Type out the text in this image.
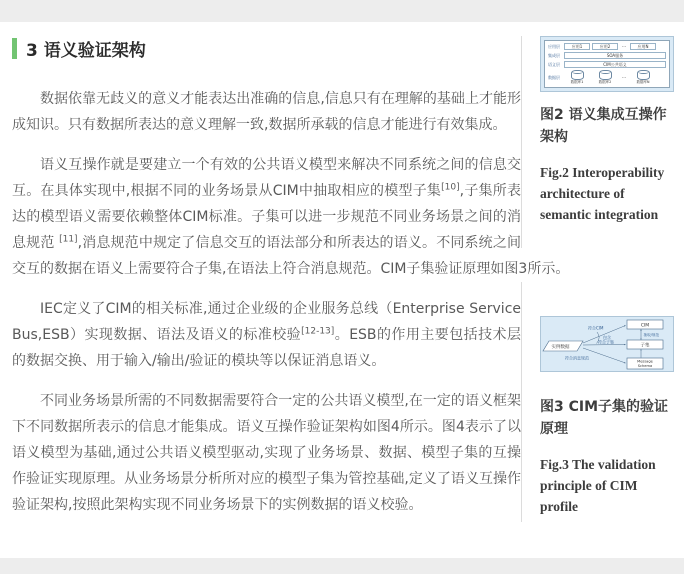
应用层	应用1	应用2	…	应用N
集成层	SOA服务
语义层	CIM公共语义
数据层
数据库1	数据库2
…
数据库N
图2 语义集成互操作架构
Fig.2 Interoperability architecture of semantic integration
3 语义验证架构

数据依靠无歧义的意义才能表达出准确的信息,信息只有在理解的基础上才能形成知识。只有数据所表达的意义理解一致,数据所承载的信息才能进行有效集成。

语义互操作就是要建立一个有效的公共语义模型来解决不同系统之间的信息交互。在具体实现中,根据不同的业务场景从CIM中抽取相应的模型子集[10],子集所表达的模型语义需要依赖整体CIM标准。子集可以进一步规范不同业务场景之间的消息规范 [11],消息规范中规定了信息交互的语法部分和所表达的语义。不同系统之间交互的数据在语义上需要符合子集,在语法上符合消息规范。CIM子集验证原理如图3所示。

实例数据
CIM
子集
Message
Schema
符合CIM
包含
符合子集
符合消息规范
抽取/规范
图3 CIM子集的验证原理
Fig.3 The validation principle of CIM profile

IEC定义了CIM的相关标准,通过企业级的企业服务总线（Enterprise Service Bus,ESB）实现数据、语法及语义的标准校验[12-13]。ESB的作用主要包括技术层的数据交换、用于输入/输出/验证的模块等以保证消息语义。

不同业务场景所需的不同数据需要符合一定的公共语义模型,在一定的语义框架下不同数据所表示的信息才能集成。语义互操作验证架构如图4所示。图4表示了以语义模型为基础,通过公共语义模型驱动,实现了业务场景、数据、模型子集的互操作验证实现原理。从业务场景分析所对应的模型子集为管控基础,定义了语义互操作验证架构,按照此架构实现不同业务场景下的实例数据的语义校验。
